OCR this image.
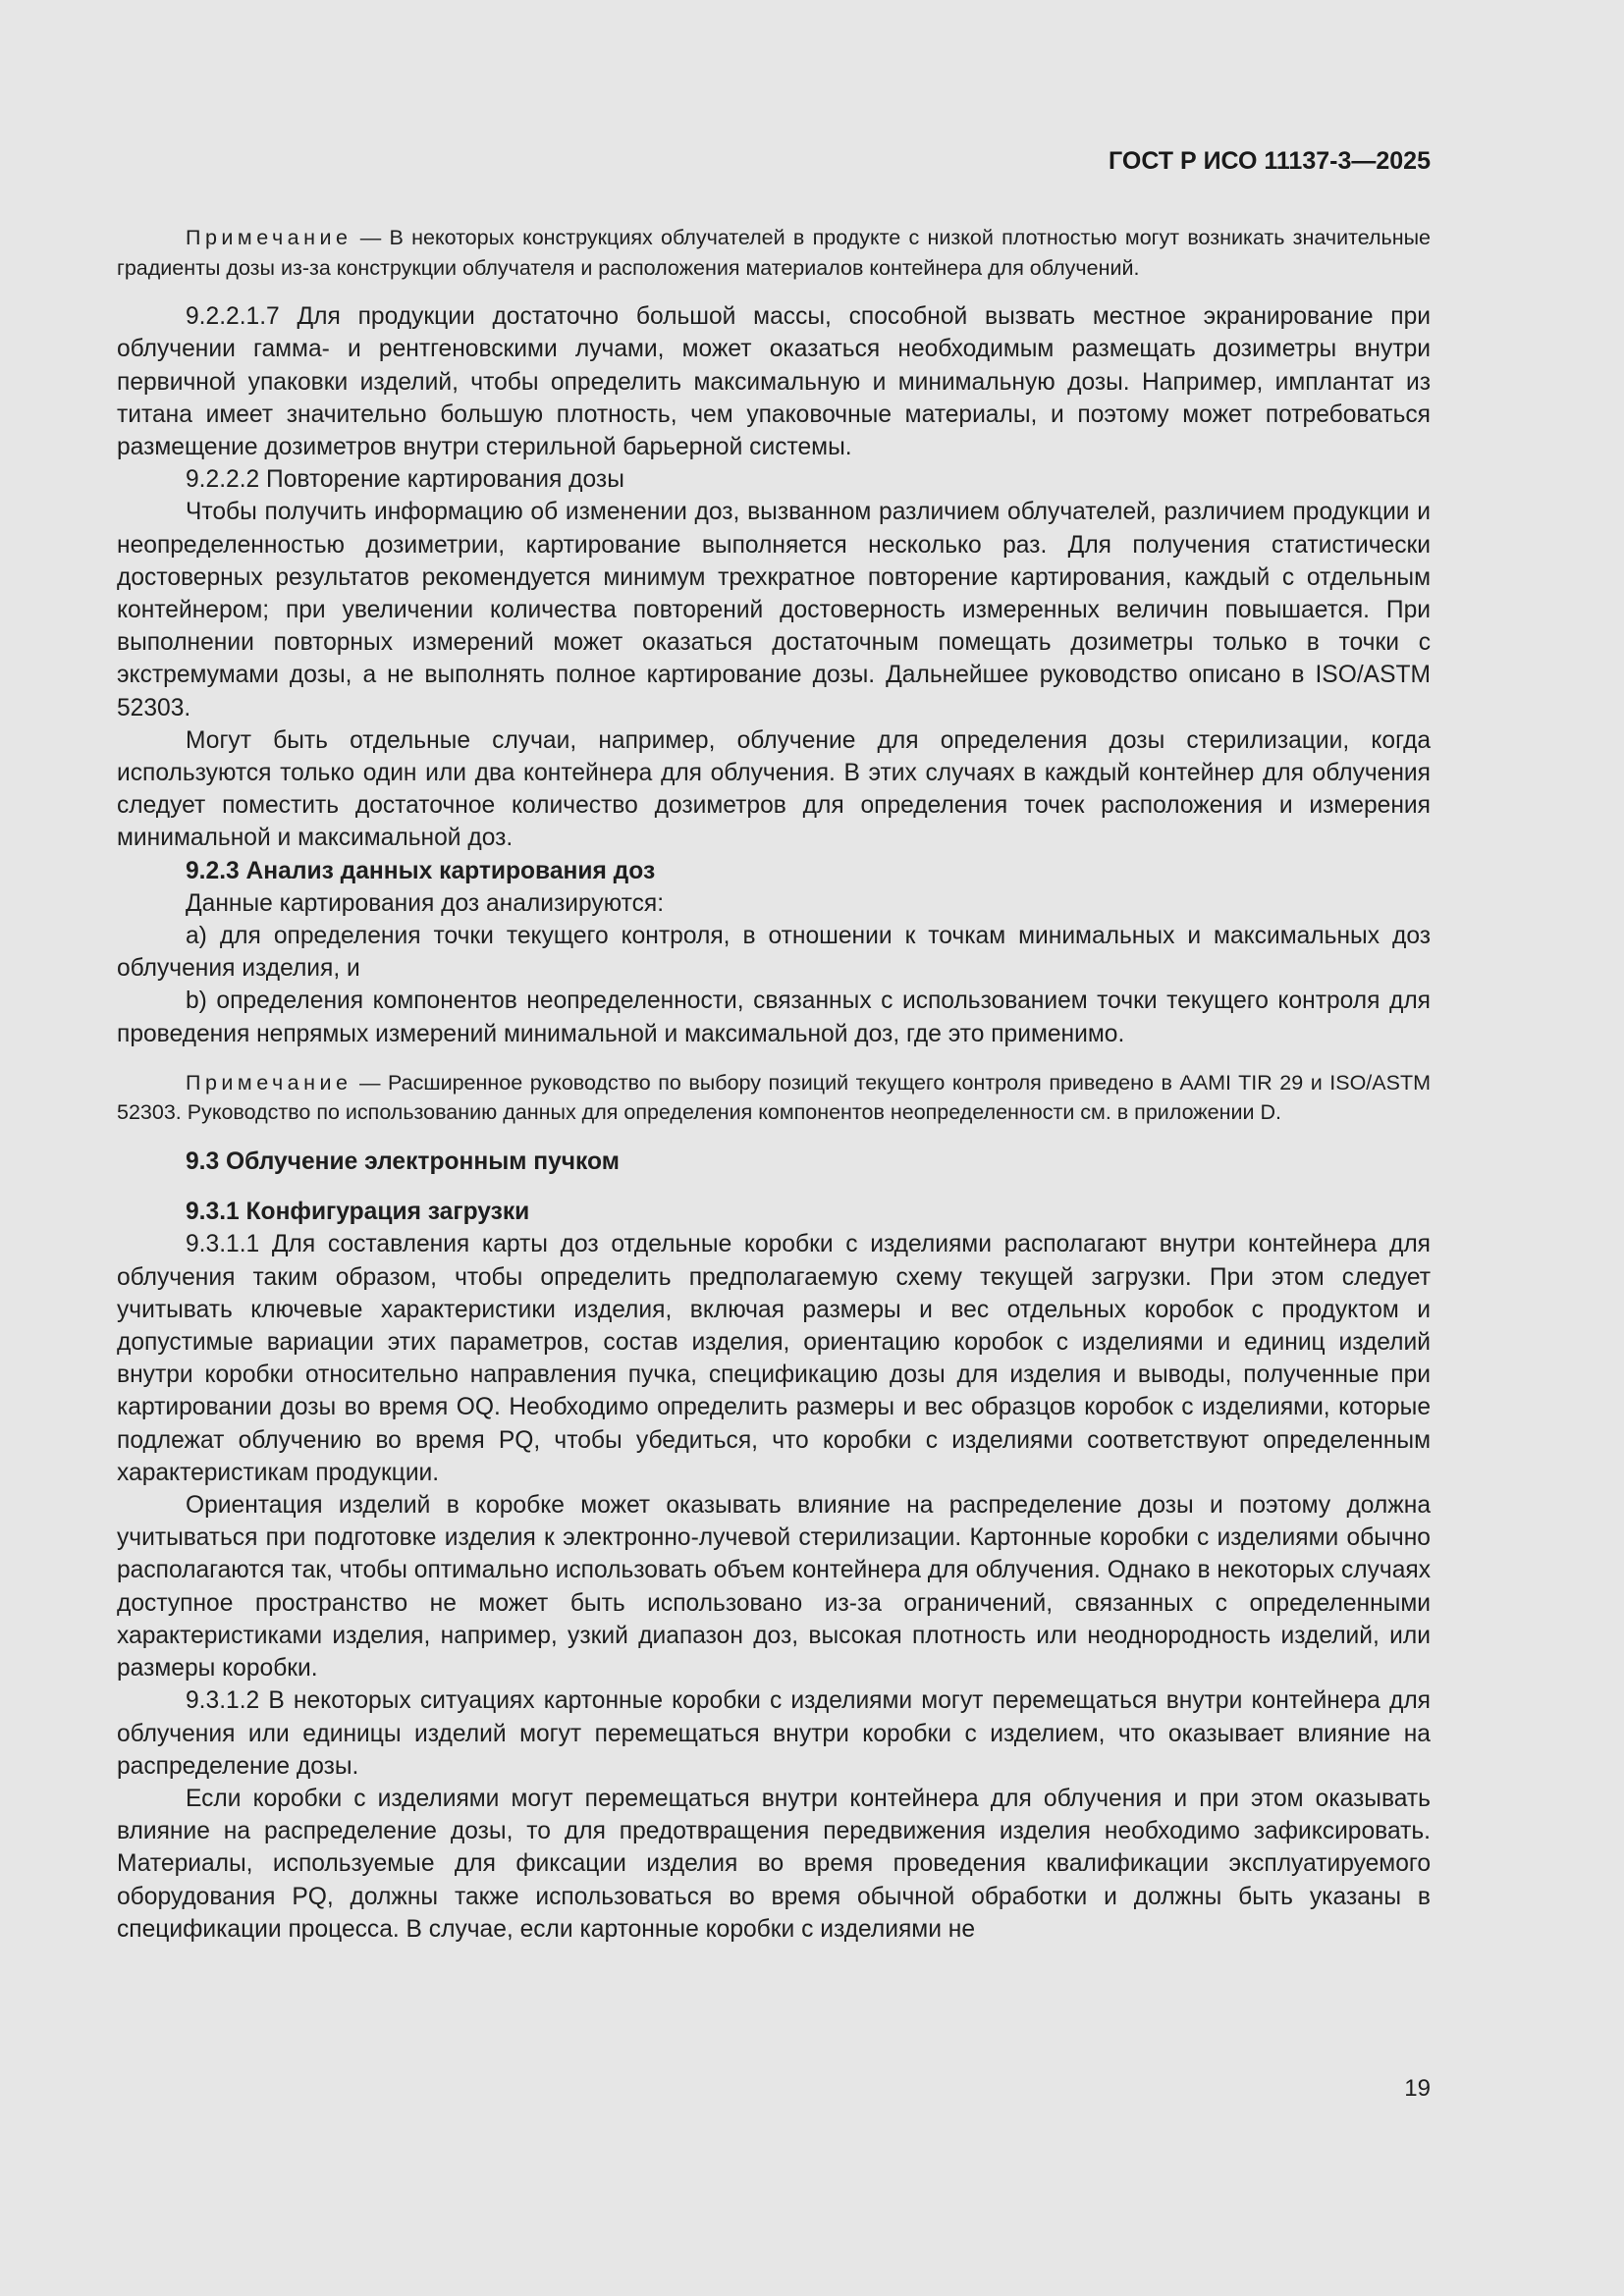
ГОСТ Р ИСО 11137-3—2025

Примечание — В некоторых конструкциях облучателей в продукте с низкой плотностью могут возникать значительные градиенты дозы из-за конструкции облучателя и расположения материалов контейнера для облучений.

9.2.2.1.7 Для продукции достаточно большой массы, способной вызвать местное экранирование при облучении гамма- и рентгеновскими лучами, может оказаться необходимым размещать дозиметры внутри первичной упаковки изделий, чтобы определить максимальную и минимальную дозы. Например, имплантат из титана имеет значительно большую плотность, чем упаковочные материалы, и поэтому может потребоваться размещение дозиметров внутри стерильной барьерной системы.

9.2.2.2 Повторение картирования дозы

Чтобы получить информацию об изменении доз, вызванном различием облучателей, различием продукции и неопределенностью дозиметрии, картирование выполняется несколько раз. Для получения статистически достоверных результатов рекомендуется минимум трехкратное повторение картирования, каждый с отдельным контейнером; при увеличении количества повторений достоверность измеренных величин повышается. При выполнении повторных измерений может оказаться достаточным помещать дозиметры только в точки с экстремумами дозы, а не выполнять полное картирование дозы. Дальнейшее руководство описано в ISO/ASTM 52303.

Могут быть отдельные случаи, например, облучение для определения дозы стерилизации, когда используются только один или два контейнера для облучения. В этих случаях в каждый контейнер для облучения следует поместить достаточное количество дозиметров для определения точек расположения и измерения минимальной и максимальной доз.

9.2.3 Анализ данных картирования доз

Данные картирования доз анализируются:

a) для определения точки текущего контроля, в отношении к точкам минимальных и максимальных доз облучения изделия, и

b) определения компонентов неопределенности, связанных с использованием точки текущего контроля для проведения непрямых измерений минимальной и максимальной доз, где это применимо.

Примечание — Расширенное руководство по выбору позиций текущего контроля приведено в AAMI TIR 29 и ISO/ASTM 52303. Руководство по использованию данных для определения компонентов неопределенности см. в приложении D.

9.3 Облучение электронным пучком

9.3.1 Конфигурация загрузки

9.3.1.1 Для составления карты доз отдельные коробки с изделиями располагают внутри контейнера для облучения таким образом, чтобы определить предполагаемую схему текущей загрузки. При этом следует учитывать ключевые характеристики изделия, включая размеры и вес отдельных коробок с продуктом и допустимые вариации этих параметров, состав изделия, ориентацию коробок с изделиями и единиц изделий внутри коробки относительно направления пучка, спецификацию дозы для изделия и выводы, полученные при картировании дозы во время OQ. Необходимо определить размеры и вес образцов коробок с изделиями, которые подлежат облучению во время PQ, чтобы убедиться, что коробки с изделиями соответствуют определенным характеристикам продукции.

Ориентация изделий в коробке может оказывать влияние на распределение дозы и поэтому должна учитываться при подготовке изделия к электронно-лучевой стерилизации. Картонные коробки с изделиями обычно располагаются так, чтобы оптимально использовать объем контейнера для облучения. Однако в некоторых случаях доступное пространство не может быть использовано из-за ограничений, связанных с определенными характеристиками изделия, например, узкий диапазон доз, высокая плотность или неоднородность изделий, или размеры коробки.

9.3.1.2 В некоторых ситуациях картонные коробки с изделиями могут перемещаться внутри контейнера для облучения или единицы изделий могут перемещаться внутри коробки с изделием, что оказывает влияние на распределение дозы.

Если коробки с изделиями могут перемещаться внутри контейнера для облучения и при этом оказывать влияние на распределение дозы, то для предотвращения передвижения изделия необходимо зафиксировать. Материалы, используемые для фиксации изделия во время проведения квалификации эксплуатируемого оборудования PQ, должны также использоваться во время обычной обработки и должны быть указаны в спецификации процесса. В случае, если картонные коробки с изделиями не

19
